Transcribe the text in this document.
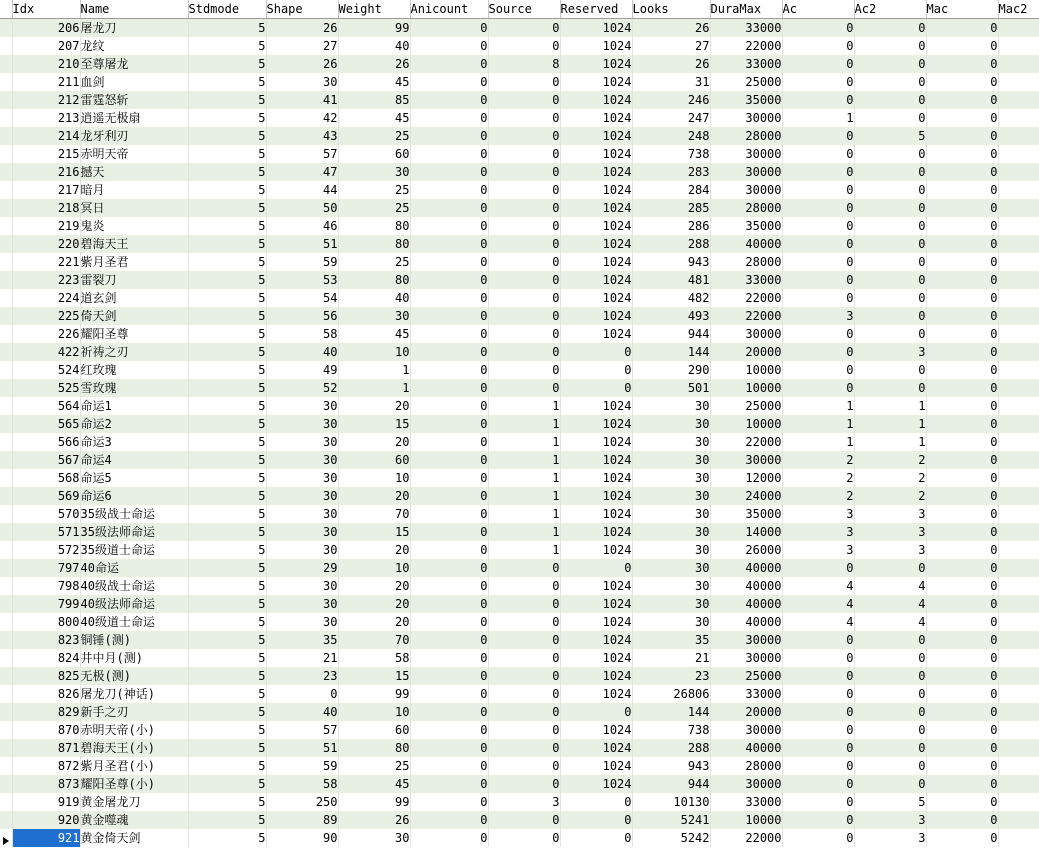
	Idx	Name	Stdmode	Shape	Weight	Anicount	Source	Reserved	Looks	DuraMax	Ac	Ac2	Mac	Mac2
	206	屠龙刀	5	26	99	0	0	1024	26	33000	0	0	0	
	207	龙纹	5	27	40	0	0	1024	27	22000	0	0	0	
	210	至尊屠龙	5	26	26	0	8	1024	26	33000	0	0	0	
	211	血剑	5	30	45	0	0	1024	31	25000	0	0	0	
	212	雷霆怒斩	5	41	85	0	0	1024	246	35000	0	0	0	
	213	逍遥无极扇	5	42	45	0	0	1024	247	30000	1	0	0	
	214	龙牙利刃	5	43	25	0	0	1024	248	28000	0	5	0	
	215	赤明天帝	5	57	60	0	0	1024	738	30000	0	0	0	
	216	撼天	5	47	30	0	0	1024	283	30000	0	0	0	
	217	暗月	5	44	25	0	0	1024	284	30000	0	0	0	
	218	冥日	5	50	25	0	0	1024	285	28000	0	0	0	
	219	鬼炎	5	46	80	0	0	1024	286	35000	0	0	0	
	220	碧海天王	5	51	80	0	0	1024	288	40000	0	0	0	
	221	紫月圣君	5	59	25	0	0	1024	943	28000	0	0	0	
	223	雷裂刀	5	53	80	0	0	1024	481	33000	0	0	0	
	224	道玄剑	5	54	40	0	0	1024	482	22000	0	0	0	
	225	倚天剑	5	56	30	0	0	1024	493	22000	3	0	0	
	226	耀阳圣尊	5	58	45	0	0	1024	944	30000	0	0	0	
	422	祈祷之刃	5	40	10	0	0	0	144	20000	0	3	0	
	524	红玫瑰	5	49	1	0	0	0	290	10000	0	0	0	
	525	雪玫瑰	5	52	1	0	0	0	501	10000	0	0	0	
	564	命运1	5	30	20	0	1	1024	30	25000	1	1	0	
	565	命运2	5	30	15	0	1	1024	30	10000	1	1	0	
	566	命运3	5	30	20	0	1	1024	30	22000	1	1	0	
	567	命运4	5	30	60	0	1	1024	30	30000	2	2	0	
	568	命运5	5	30	10	0	1	1024	30	12000	2	2	0	
	569	命运6	5	30	20	0	1	1024	30	24000	2	2	0	
	570	35级战士命运	5	30	70	0	1	1024	30	35000	3	3	0	
	571	35级法师命运	5	30	15	0	1	1024	30	14000	3	3	0	
	572	35级道士命运	5	30	20	0	1	1024	30	26000	3	3	0	
	797	40命运	5	29	10	0	0	0	30	40000	0	0	0	
	798	40级战士命运	5	30	20	0	0	1024	30	40000	4	4	0	
	799	40级法师命运	5	30	20	0	0	1024	30	40000	4	4	0	
	800	40级道士命运	5	30	20	0	0	1024	30	40000	4	4	0	
	823	铜锤(测)	5	35	70	0	0	1024	35	30000	0	0	0	
	824	井中月(测)	5	21	58	0	0	1024	21	30000	0	0	0	
	825	无极(测)	5	23	15	0	0	1024	23	25000	0	0	0	
	826	屠龙刀(神话)	5	0	99	0	0	1024	26806	33000	0	0	0	
	829	新手之刃	5	40	10	0	0	0	144	20000	0	0	0	
	870	赤明天帝(小)	5	57	60	0	0	1024	738	30000	0	0	0	
	871	碧海天王(小)	5	51	80	0	0	1024	288	40000	0	0	0	
	872	紫月圣君(小)	5	59	25	0	0	1024	943	28000	0	0	0	
	873	耀阳圣尊(小)	5	58	45	0	0	1024	944	30000	0	0	0	
	919	黄金屠龙刀	5	250	99	0	3	0	10130	33000	0	5	0	
	920	黄金噬魂	5	89	26	0	0	0	5241	10000	0	3	0	

	921	黄金倚天剑	5	90	30	0	0	0	5242	22000	0	3	0	
